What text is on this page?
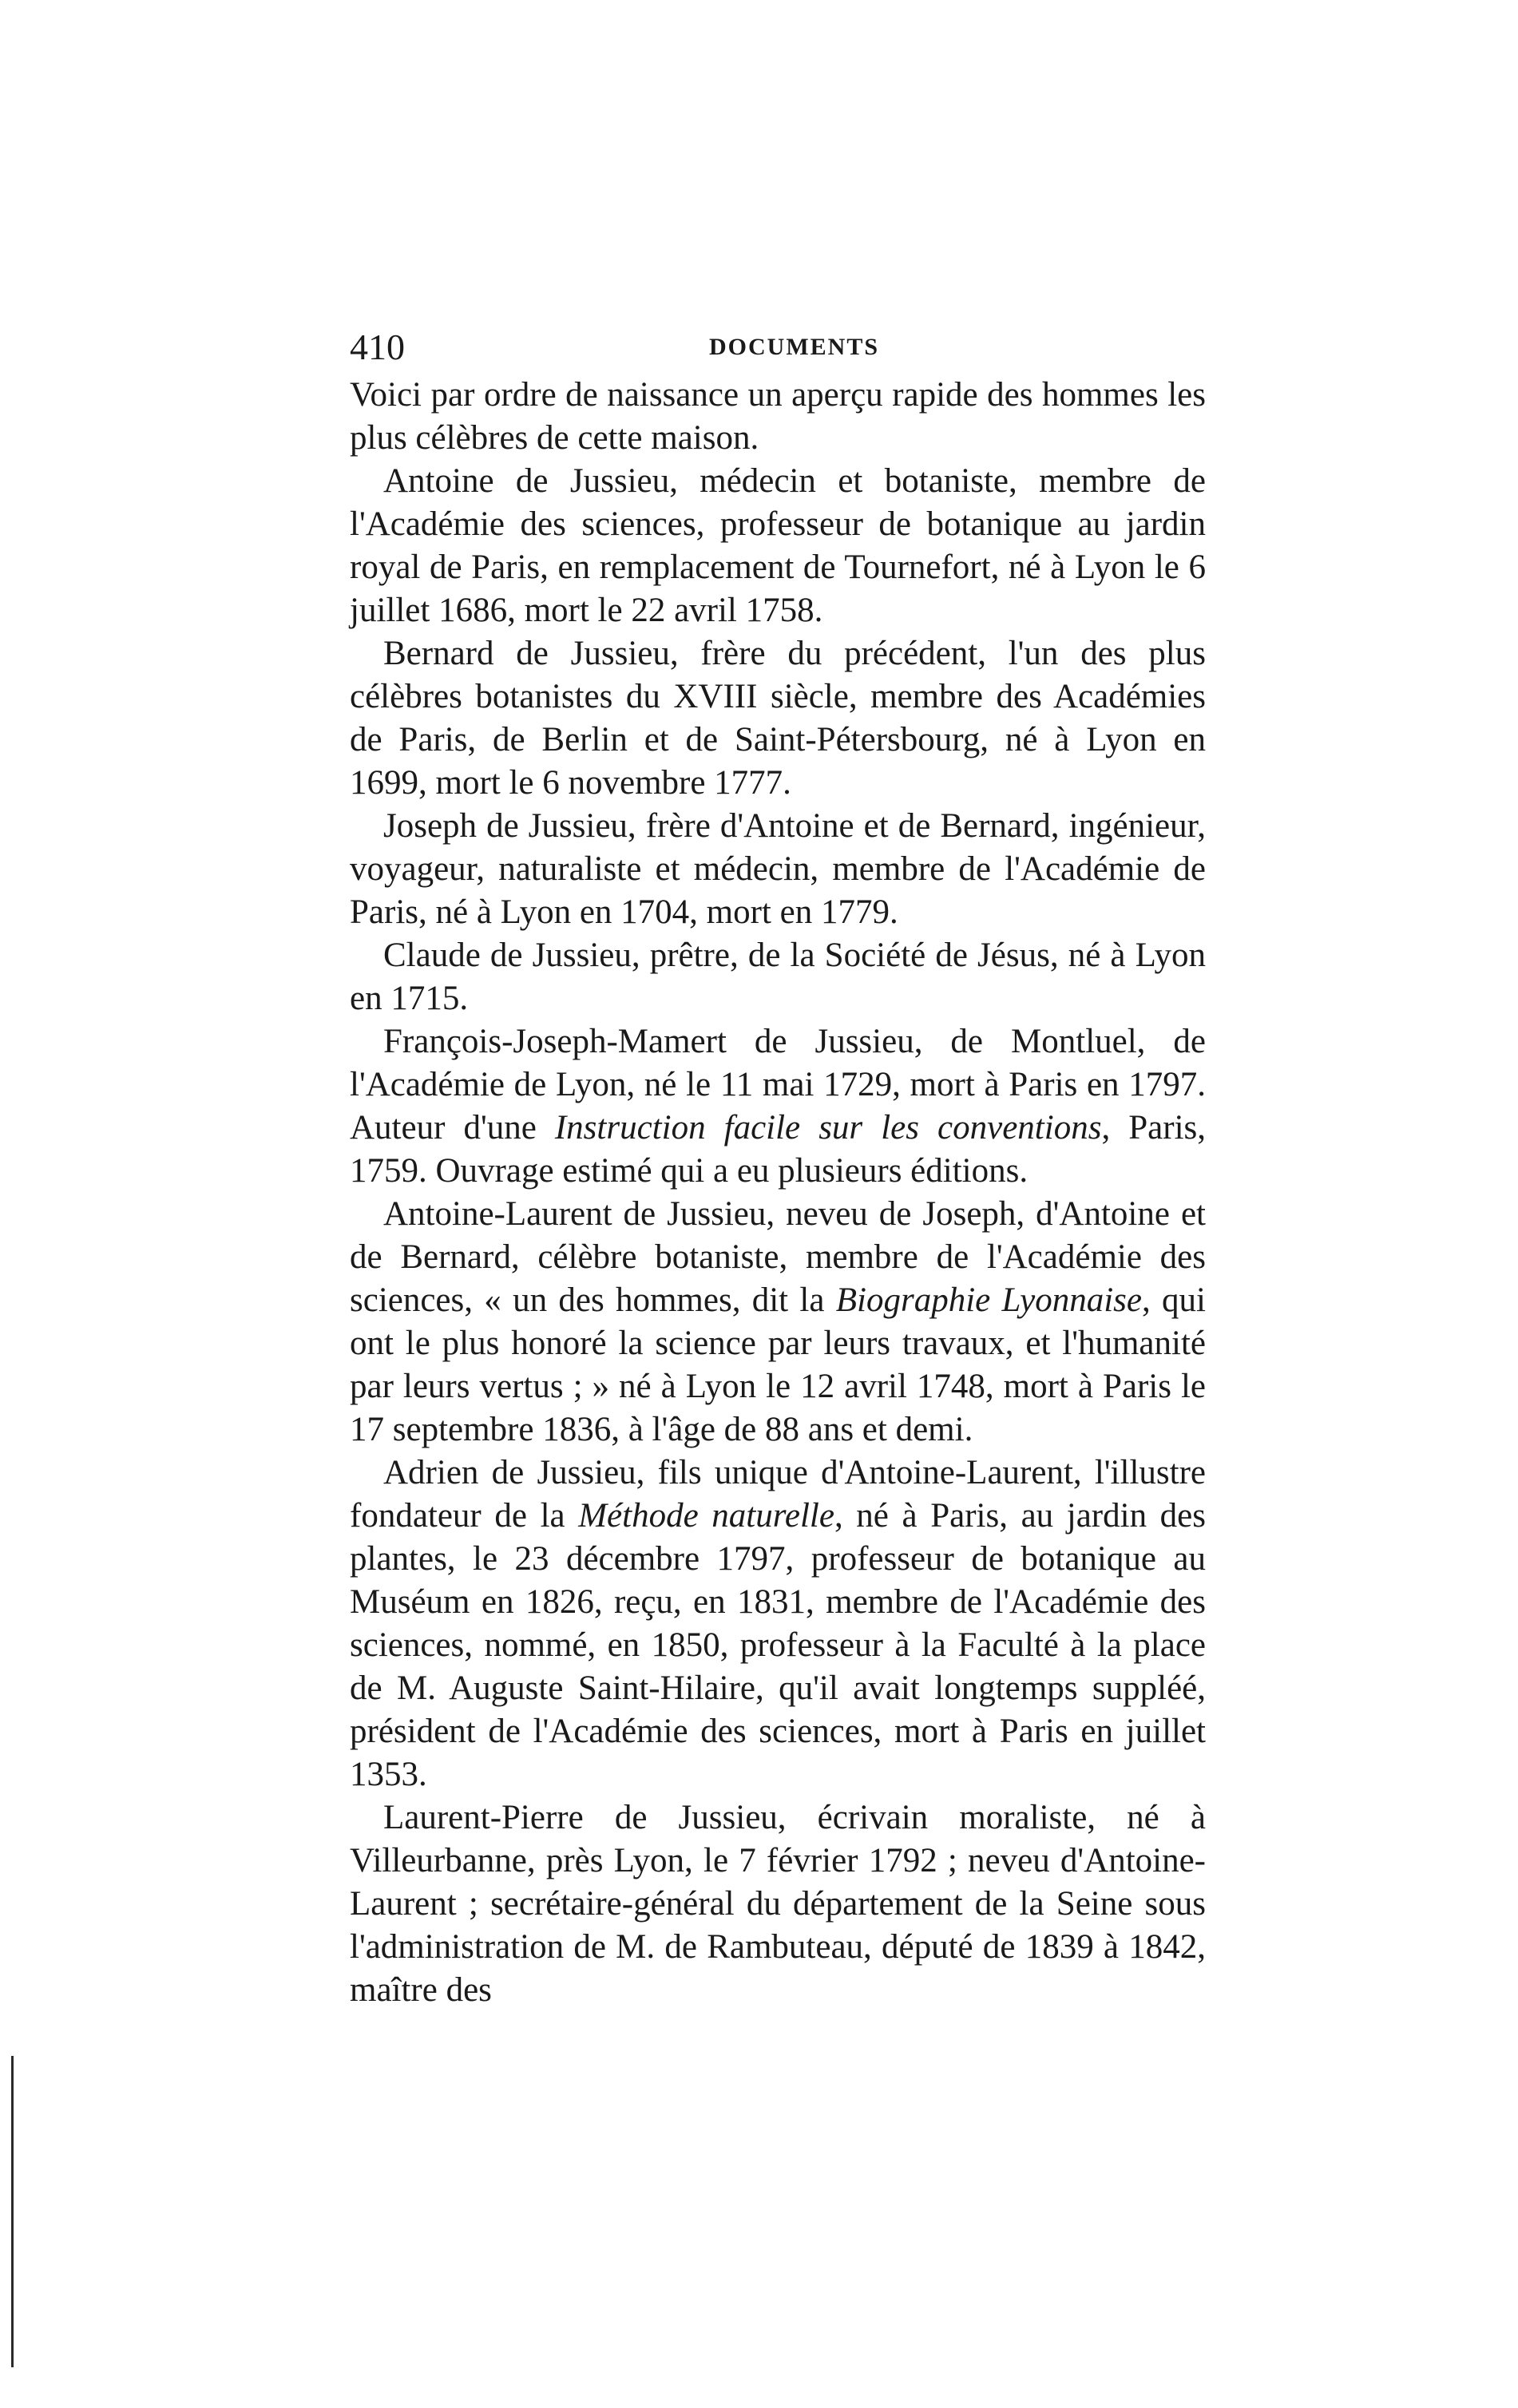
410	DOCUMENTS

Voici par ordre de naissance un aperçu rapide des hommes les plus célèbres de cette maison.

Antoine de Jussieu, médecin et botaniste, membre de l'Académie des sciences, professeur de botanique au jardin royal de Paris, en remplacement de Tournefort, né à Lyon le 6 juillet 1686, mort le 22 avril 1758.

Bernard de Jussieu, frère du précédent, l'un des plus célèbres botanistes du XVIII siècle, membre des Académies de Paris, de Berlin et de Saint-Pétersbourg, né à Lyon en 1699, mort le 6 novembre 1777.

Joseph de Jussieu, frère d'Antoine et de Bernard, ingénieur, voyageur, naturaliste et médecin, membre de l'Académie de Paris, né à Lyon en 1704, mort en 1779.

Claude de Jussieu, prêtre, de la Société de Jésus, né à Lyon en 1715.

François-Joseph-Mamert de Jussieu, de Montluel, de l'Académie de Lyon, né le 11 mai 1729, mort à Paris en 1797. Auteur d'une Instruction facile sur les conventions, Paris, 1759. Ouvrage estimé qui a eu plusieurs éditions.

Antoine-Laurent de Jussieu, neveu de Joseph, d'Antoine et de Bernard, célèbre botaniste, membre de l'Académie des sciences, « un des hommes, dit la Biographie Lyonnaise, qui ont le plus honoré la science par leurs travaux, et l'humanité par leurs vertus ; » né à Lyon le 12 avril 1748, mort à Paris le 17 septembre 1836, à l'âge de 88 ans et demi.

Adrien de Jussieu, fils unique d'Antoine-Laurent, l'illustre fondateur de la Méthode naturelle, né à Paris, au jardin des plantes, le 23 décembre 1797, professeur de botanique au Muséum en 1826, reçu, en 1831, membre de l'Académie des sciences, nommé, en 1850, professeur à la Faculté à la place de M. Auguste Saint-Hilaire, qu'il avait longtemps suppléé, président de l'Académie des sciences, mort à Paris en juillet 1353.

Laurent-Pierre de Jussieu, écrivain moraliste, né à Villeurbanne, près Lyon, le 7 février 1792 ; neveu d'Antoine-Laurent ; secrétaire-général du département de la Seine sous l'administration de M. de Rambuteau, député de 1839 à 1842, maître des
